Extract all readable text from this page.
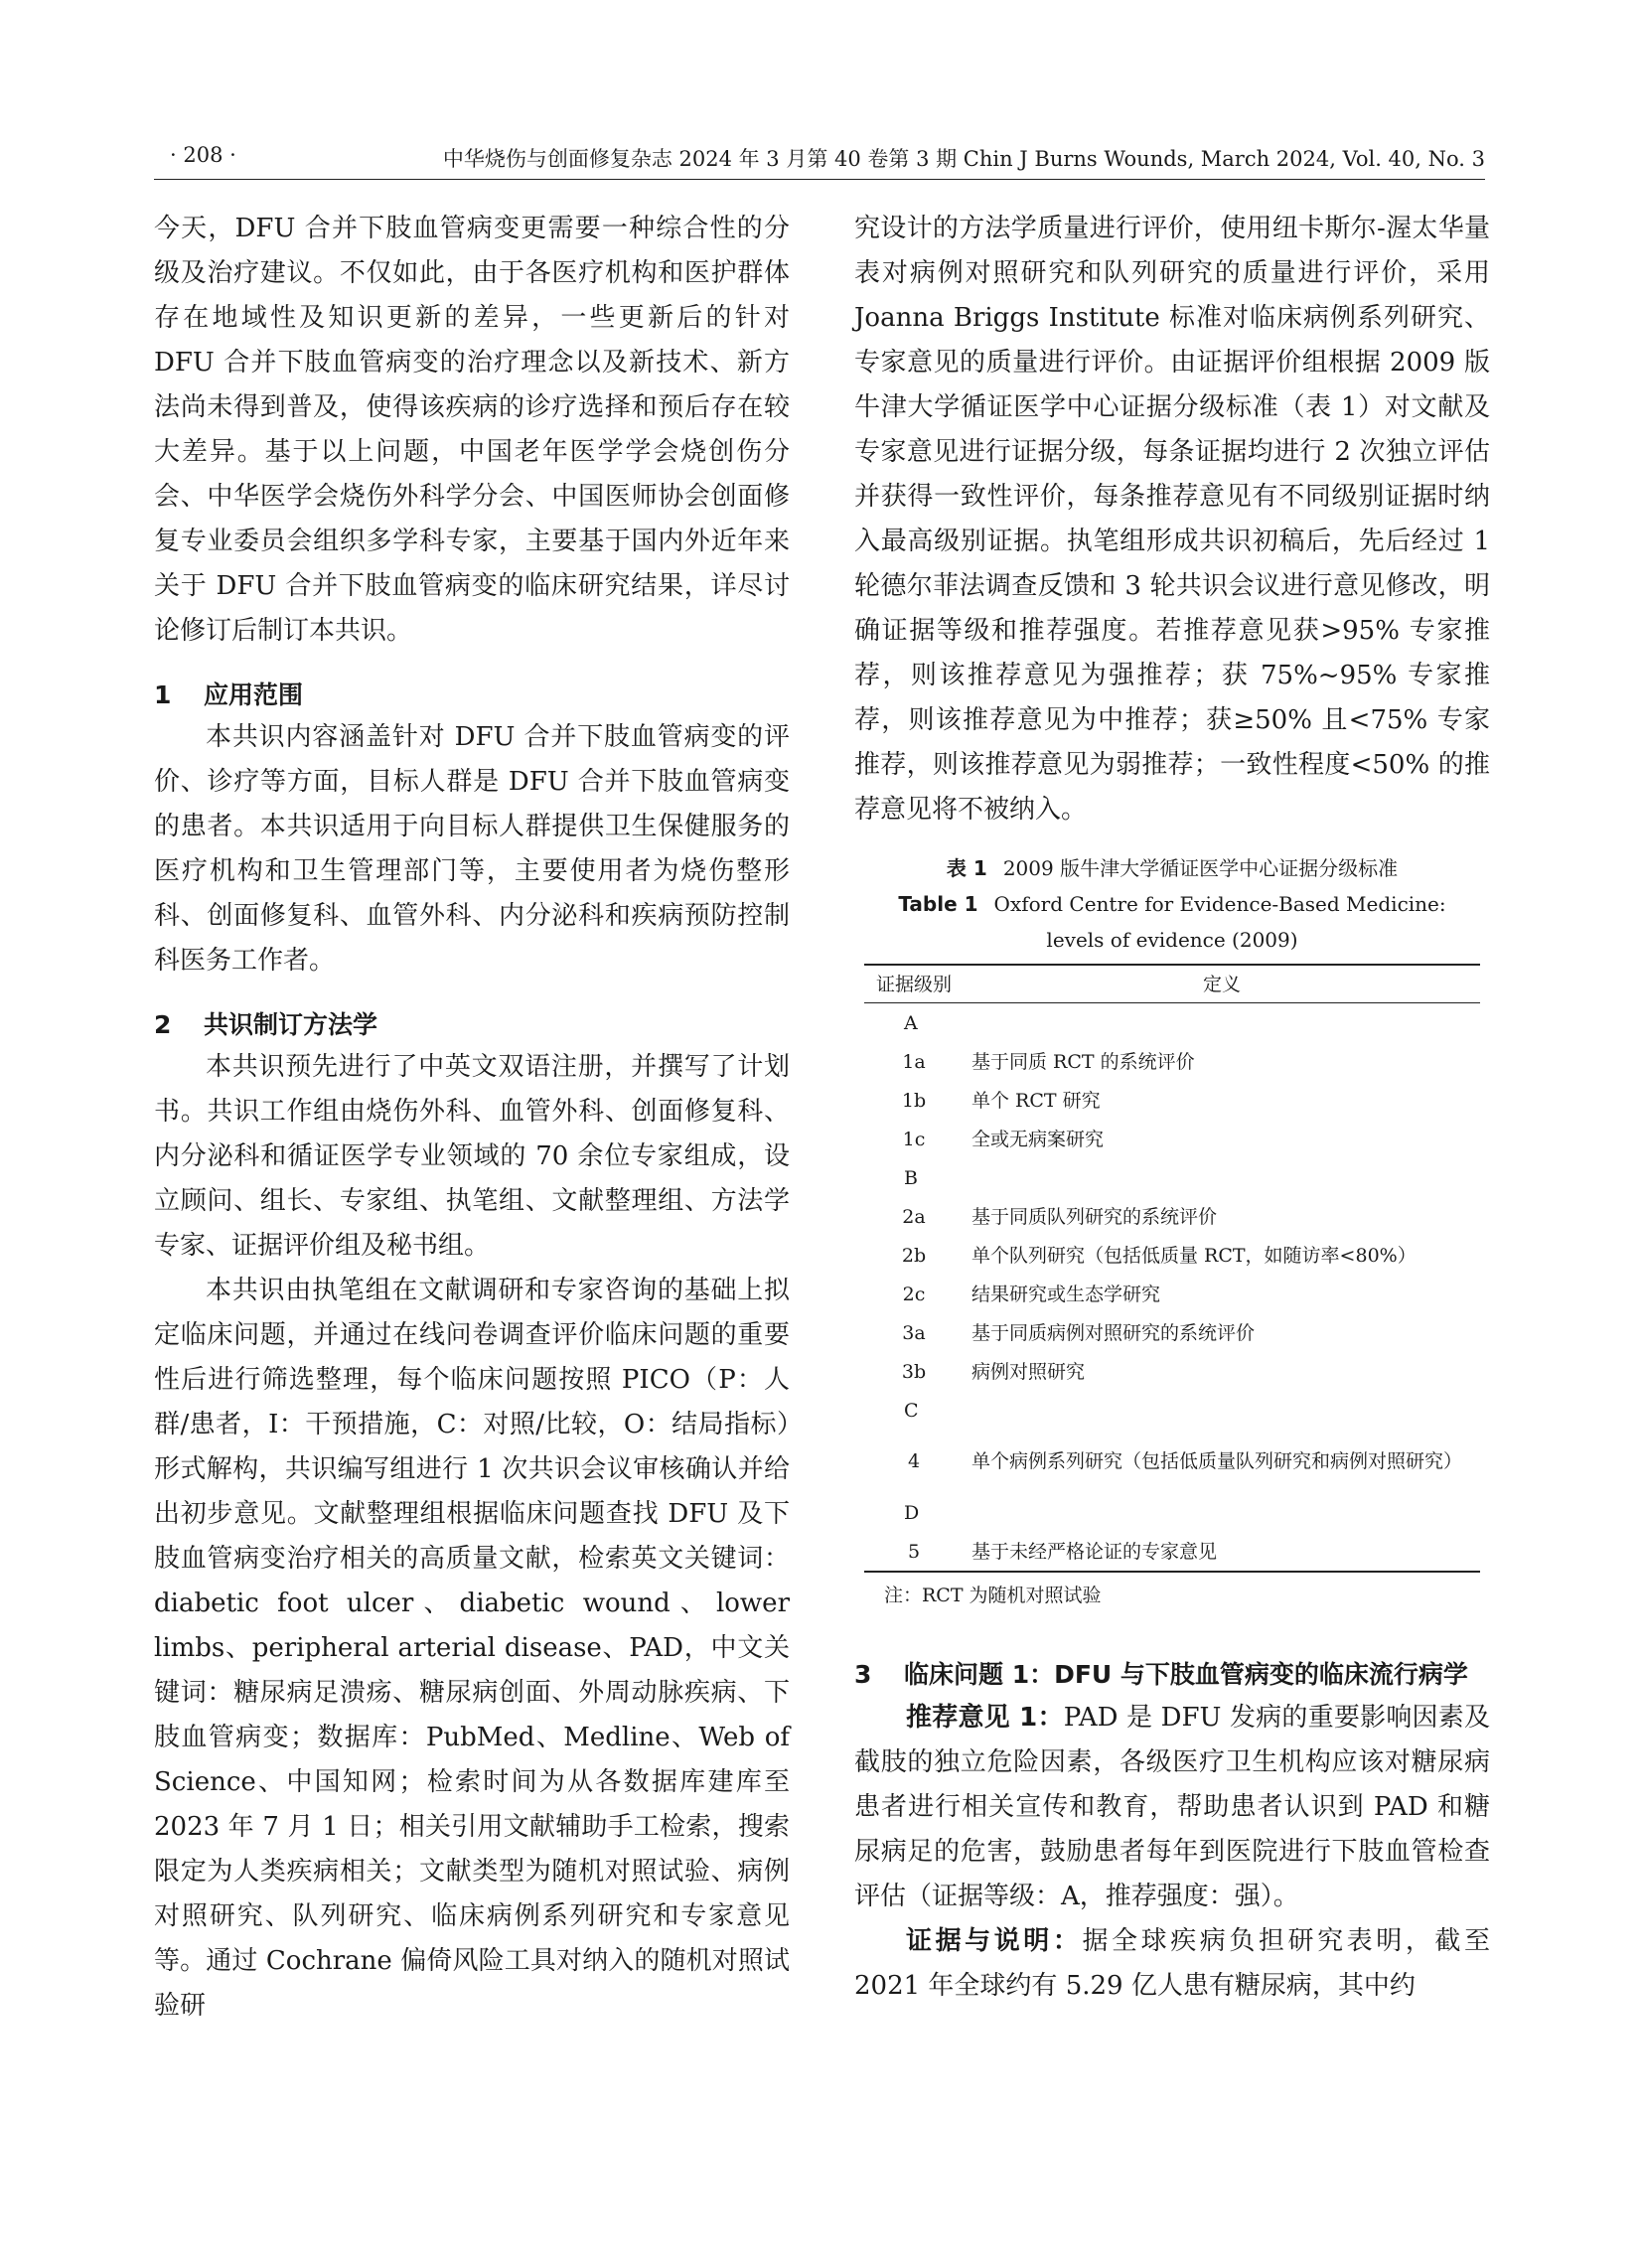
· 208 ·	中华烧伤与创面修复杂志 2024 年 3 月第 40 卷第 3 期 Chin J Burns Wounds, March 2024, Vol. 40, No. 3

今天，DFU 合并下肢血管病变更需要一种综合性的分级及治疗建议。不仅如此，由于各医疗机构和医护群体存在地域性及知识更新的差异，一些更新后的针对 DFU 合并下肢血管病变的治疗理念以及新技术、新方法尚未得到普及，使得该疾病的诊疗选择和预后存在较大差异。基于以上问题，中国老年医学学会烧创伤分会、中华医学会烧伤外科学分会、中国医师协会创面修复专业委员会组织多学科专家，主要基于国内外近年来关于 DFU 合并下肢血管病变的临床研究结果，详尽讨论修订后制订本共识。

1 应用范围

本共识内容涵盖针对 DFU 合并下肢血管病变的评价、诊疗等方面，目标人群是 DFU 合并下肢血管病变的患者。本共识适用于向目标人群提供卫生保健服务的医疗机构和卫生管理部门等，主要使用者为烧伤整形科、创面修复科、血管外科、内分泌科和疾病预防控制科医务工作者。

2 共识制订方法学

本共识预先进行了中英文双语注册，并撰写了计划书。共识工作组由烧伤外科、血管外科、创面修复科、内分泌科和循证医学专业领域的 70 余位专家组成，设立顾问、组长、专家组、执笔组、文献整理组、方法学专家、证据评价组及秘书组。

本共识由执笔组在文献调研和专家咨询的基础上拟定临床问题，并通过在线问卷调查评价临床问题的重要性后进行筛选整理，每个临床问题按照 PICO（P：人群/患者，I：干预措施，C：对照/比较，O：结局指标）形式解构，共识编写组进行 1 次共识会议审核确认并给出初步意见。文献整理组根据临床问题查找 DFU 及下肢血管病变治疗相关的高质量文献，检索英文关键词：diabetic foot ulcer、diabetic wound、lower limbs、peripheral arterial disease、PAD，中文关键词：糖尿病足溃疡、糖尿病创面、外周动脉疾病、下肢血管病变；数据库：PubMed、Medline、Web of Science、中国知网；检索时间为从各数据库建库至 2023 年 7 月 1 日；相关引用文献辅助手工检索，搜索限定为人类疾病相关；文献类型为随机对照试验、病例对照研究、队列研究、临床病例系列研究和专家意见等。通过 Cochrane 偏倚风险工具对纳入的随机对照试验研

究设计的方法学质量进行评价，使用纽卡斯尔-渥太华量表对病例对照研究和队列研究的质量进行评价，采用 Joanna Briggs Institute 标准对临床病例系列研究、专家意见的质量进行评价。由证据评价组根据 2009 版牛津大学循证医学中心证据分级标准（表 1）对文献及专家意见进行证据分级，每条证据均进行 2 次独立评估并获得一致性评价，每条推荐意见有不同级别证据时纳入最高级别证据。执笔组形成共识初稿后，先后经过 1 轮德尔菲法调查反馈和 3 轮共识会议进行意见修改，明确证据等级和推荐强度。若推荐意见获>95% 专家推荐，则该推荐意见为强推荐；获 75%~95% 专家推荐，则该推荐意见为中推荐；获≥50% 且<75% 专家推荐，则该推荐意见为弱推荐；一致性程度<50% 的推荐意见将不被纳入。

表 1 2009 版牛津大学循证医学中心证据分级标准

Table 1 Oxford Centre for Evidence-Based Medicine: levels of evidence (2009)

证据级别	定义
A	
1a	基于同质 RCT 的系统评价
1b	单个 RCT 研究
1c	全或无病案研究
B	
2a	基于同质队列研究的系统评价
2b	单个队列研究（包括低质量 RCT，如随访率<80%）
2c	结果研究或生态学研究
3a	基于同质病例对照研究的系统评价
3b	病例对照研究
C	
4	单个病例系列研究（包括低质量队列研究和病例对照研究）
D	
5	基于未经严格论证的专家意见
注：RCT 为随机对照试验
3 临床问题 1：DFU 与下肢血管病变的临床流行病学

推荐意见 1：PAD 是 DFU 发病的重要影响因素及截肢的独立危险因素，各级医疗卫生机构应该对糖尿病患者进行相关宣传和教育，帮助患者认识到 PAD 和糖尿病足的危害，鼓励患者每年到医院进行下肢血管检查评估（证据等级：A，推荐强度：强）。

证据与说明：据全球疾病负担研究表明，截至 2021 年全球约有 5.29 亿人患有糖尿病，其中约
